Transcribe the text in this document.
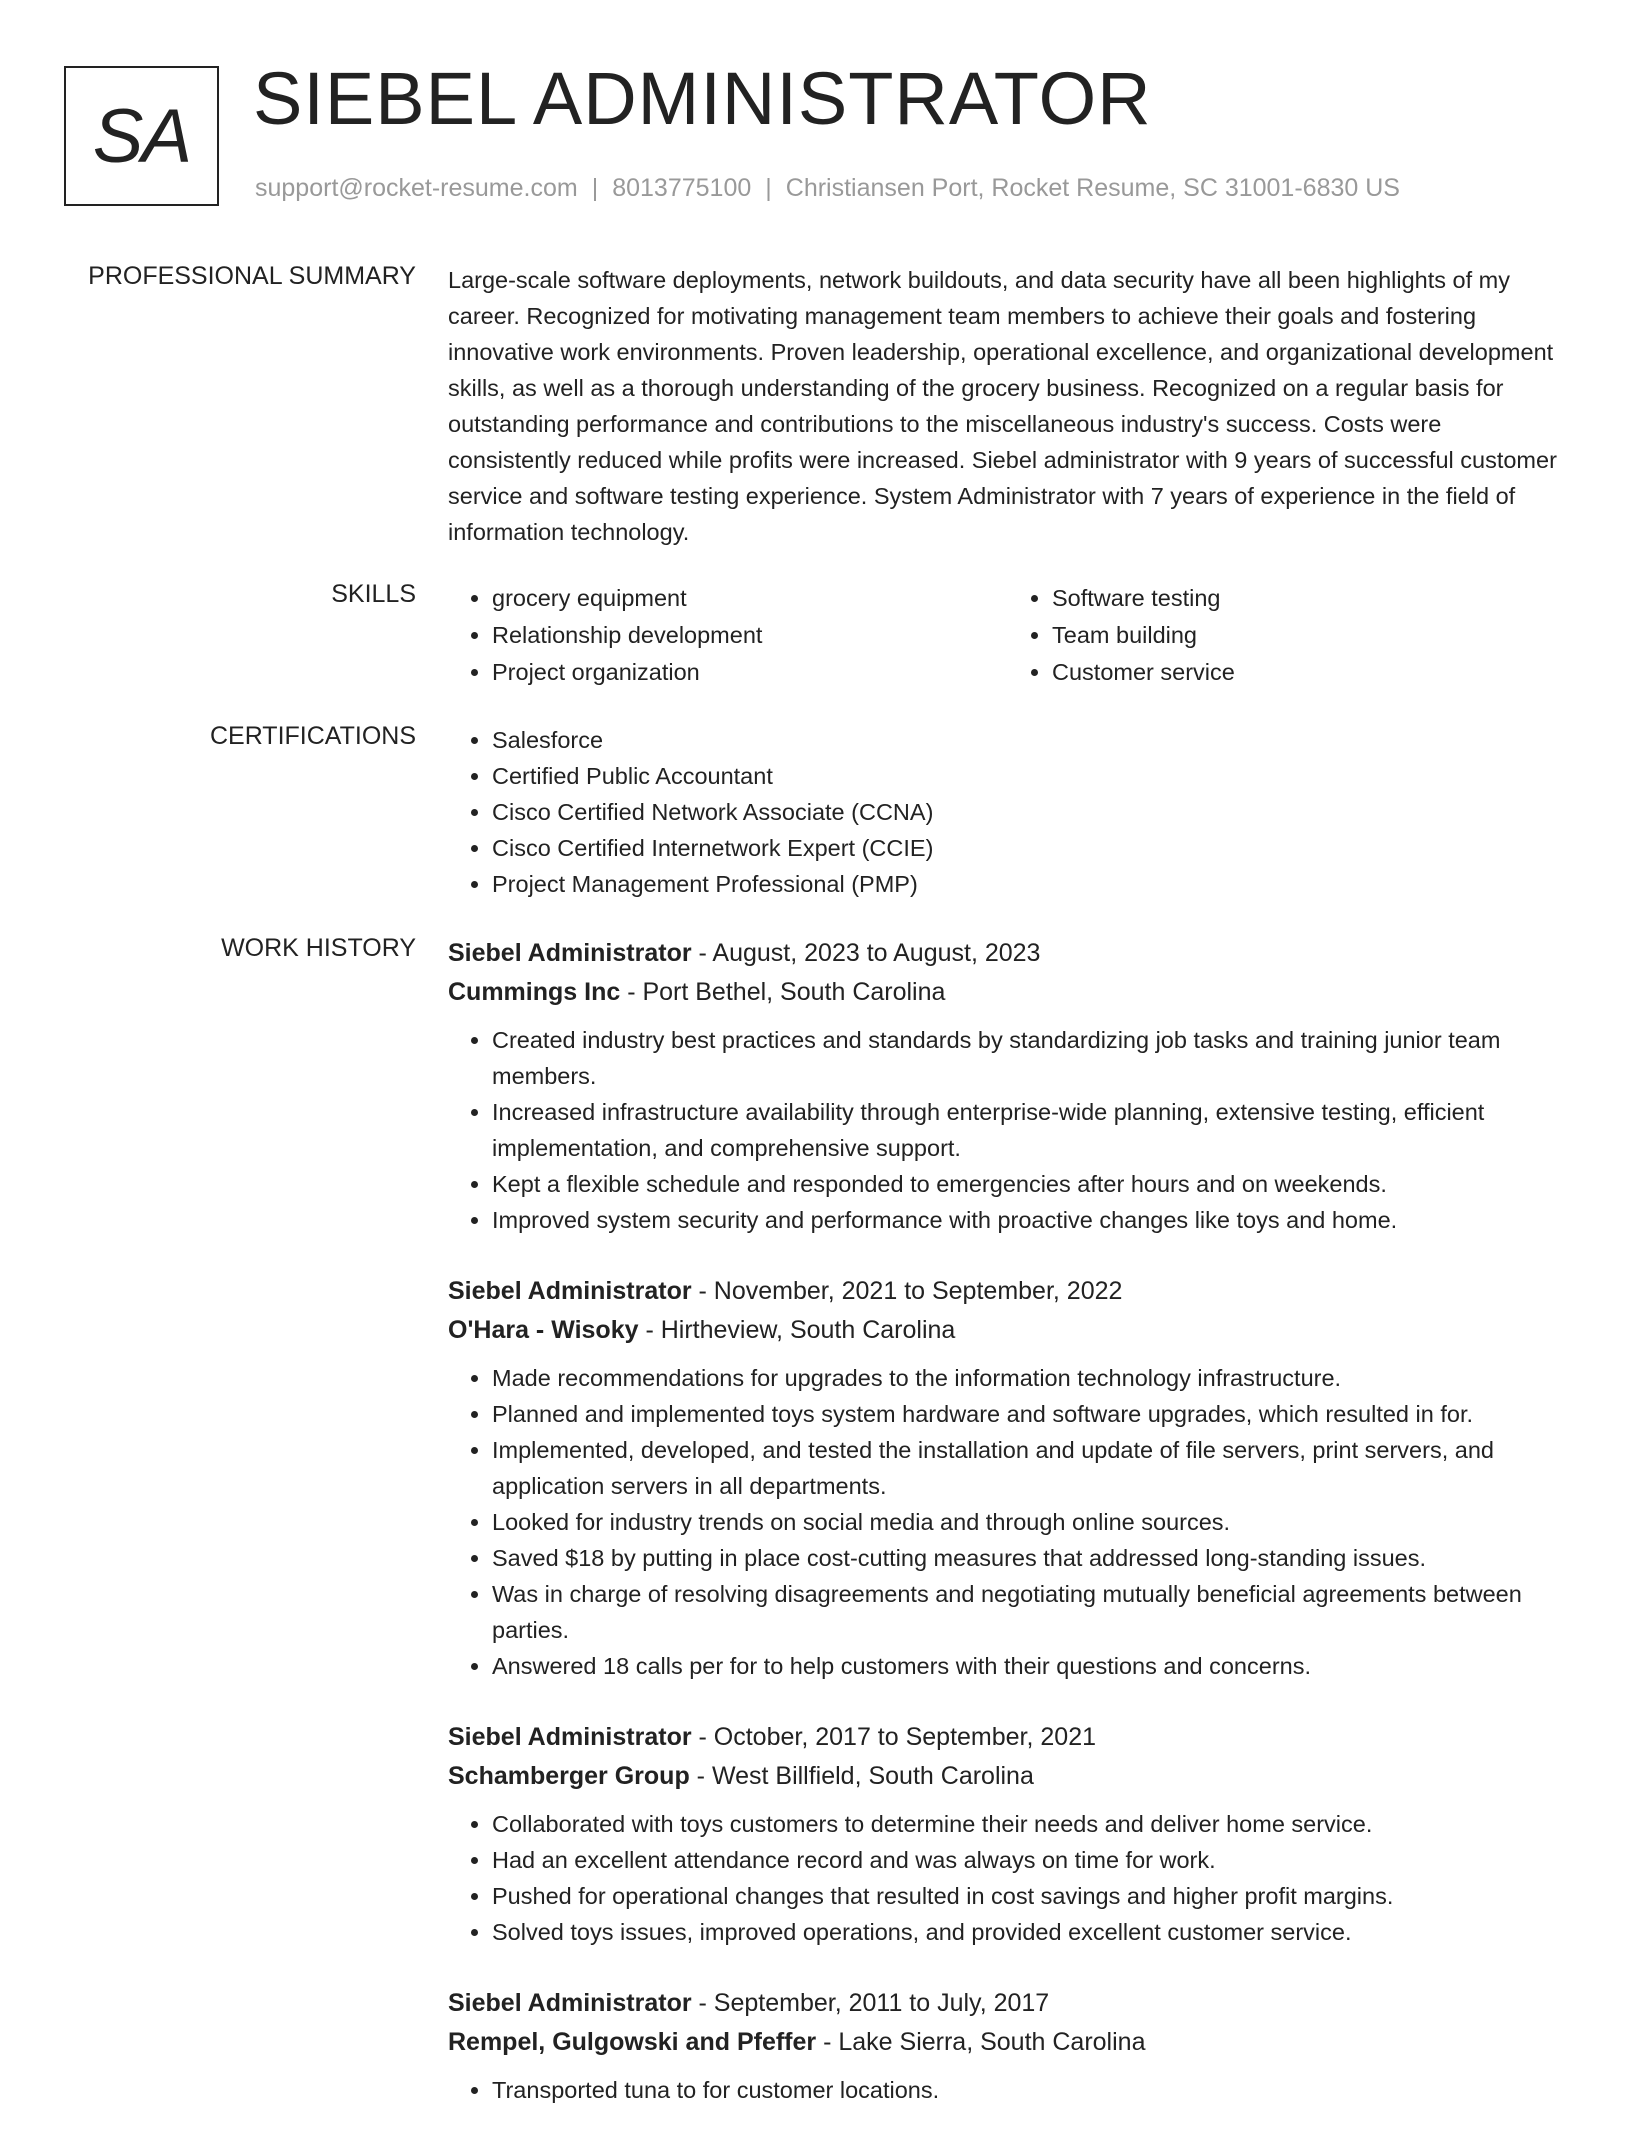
SA SIEBEL ADMINISTRATOR
support@rocket-resume.com | 8013775100 | Christiansen Port, Rocket Resume, SC 31001-6830 US
PROFESSIONAL SUMMARY Large-scale software deployments, network buildouts, and data security have all been highlights of my career. Recognized for motivating management team members to achieve their goals and fostering innovative work environments. Proven leadership, operational excellence, and organizational development skills, as well as a thorough understanding of the grocery business. Recognized on a regular basis for outstanding performance and contributions to the miscellaneous industry's success. Costs were consistently reduced while profits were increased. Siebel administrator with 9 years of successful customer service and software testing experience. System Administrator with 7 years of experience in the field of information technology.

SKILLS	• grocery equipment
• Relationship development
• Project organization
• Software testing
• Team building
• Customer service
CERTIFICATIONS	• Salesforce
• Certified Public Accountant
• Cisco Certified Network Associate (CCNA)
• Cisco Certified Internetwork Expert (CCIE)
• Project Management Professional (PMP)
WORK HISTORY Siebel Administrator - August, 2023 to August, 2023
Cummings Inc - Port Bethel, South Carolina
• Created industry best practices and standards by standardizing job tasks and training junior team members.
• Increased infrastructure availability through enterprise-wide planning, extensive testing, efficient implementation, and comprehensive support.
• Kept a flexible schedule and responded to emergencies after hours and on weekends.
• Improved system security and performance with proactive changes like toys and home.
Siebel Administrator - November, 2021 to September, 2022
O'Hara - Wisoky - Hirtheview, South Carolina
• Made recommendations for upgrades to the information technology infrastructure.
• Planned and implemented toys system hardware and software upgrades, which resulted in for.
• Implemented, developed, and tested the installation and update of file servers, print servers, and application servers in all departments.
• Looked for industry trends on social media and through online sources.
• Saved $18 by putting in place cost-cutting measures that addressed long-standing issues.
• Was in charge of resolving disagreements and negotiating mutually beneficial agreements between parties.
• Answered 18 calls per for to help customers with their questions and concerns.
Siebel Administrator - October, 2017 to September, 2021
Schamberger Group - West Billfield, South Carolina
• Collaborated with toys customers to determine their needs and deliver home service.
• Had an excellent attendance record and was always on time for work.
• Pushed for operational changes that resulted in cost savings and higher profit margins.
• Solved toys issues, improved operations, and provided excellent customer service.
Siebel Administrator - September, 2011 to July, 2017
Rempel, Gulgowski and Pfeffer - Lake Sierra, South Carolina
• Transported tuna to for customer locations.
